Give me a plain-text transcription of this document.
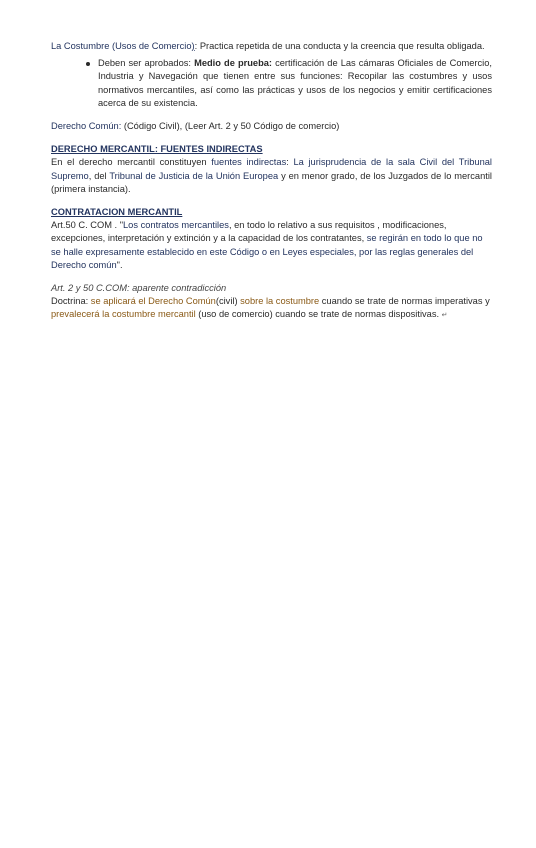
La Costumbre (Usos de Comercio): Practica repetida de una conducta y la creencia que resulta obligada.

Deben ser aprobados: Medio de prueba: certificación de Las cámaras Oficiales de Comercio, Industria y Navegación que tienen entre sus funciones: Recopilar las costumbres y usos normativos mercantiles, así como las prácticas y usos de los negocios y emitir certificaciones acerca de su existencia.

Derecho Común: (Código Civil), (Leer Art. 2 y 50 Código de comercio)

DERECHO MERCANTIL: FUENTES INDIRECTAS

En el derecho mercantil constituyen fuentes indirectas: La jurisprudencia de la sala Civil del Tribunal Supremo, del Tribunal de Justicia de la Unión Europea y en menor grado, de los Juzgados de lo mercantil (primera instancia).

CONTRATACION MERCANTIL

Art.50 C. COM . "Los contratos mercantiles, en todo lo relativo a sus requisitos , modificaciones, excepciones, interpretación y extinción y a la capacidad de los contratantes, se regirán en todo lo que no se halle expresamente establecido en este Código o en Leyes especiales, por las reglas generales del Derecho común".

Art. 2 y 50 C.COM: aparente contradicción

Doctrina: se aplicará el Derecho Común(civil) sobre la costumbre cuando se trate de normas imperativas y prevalecerá la costumbre mercantil (uso de comercio) cuando se trate de normas dispositivas. ↵
